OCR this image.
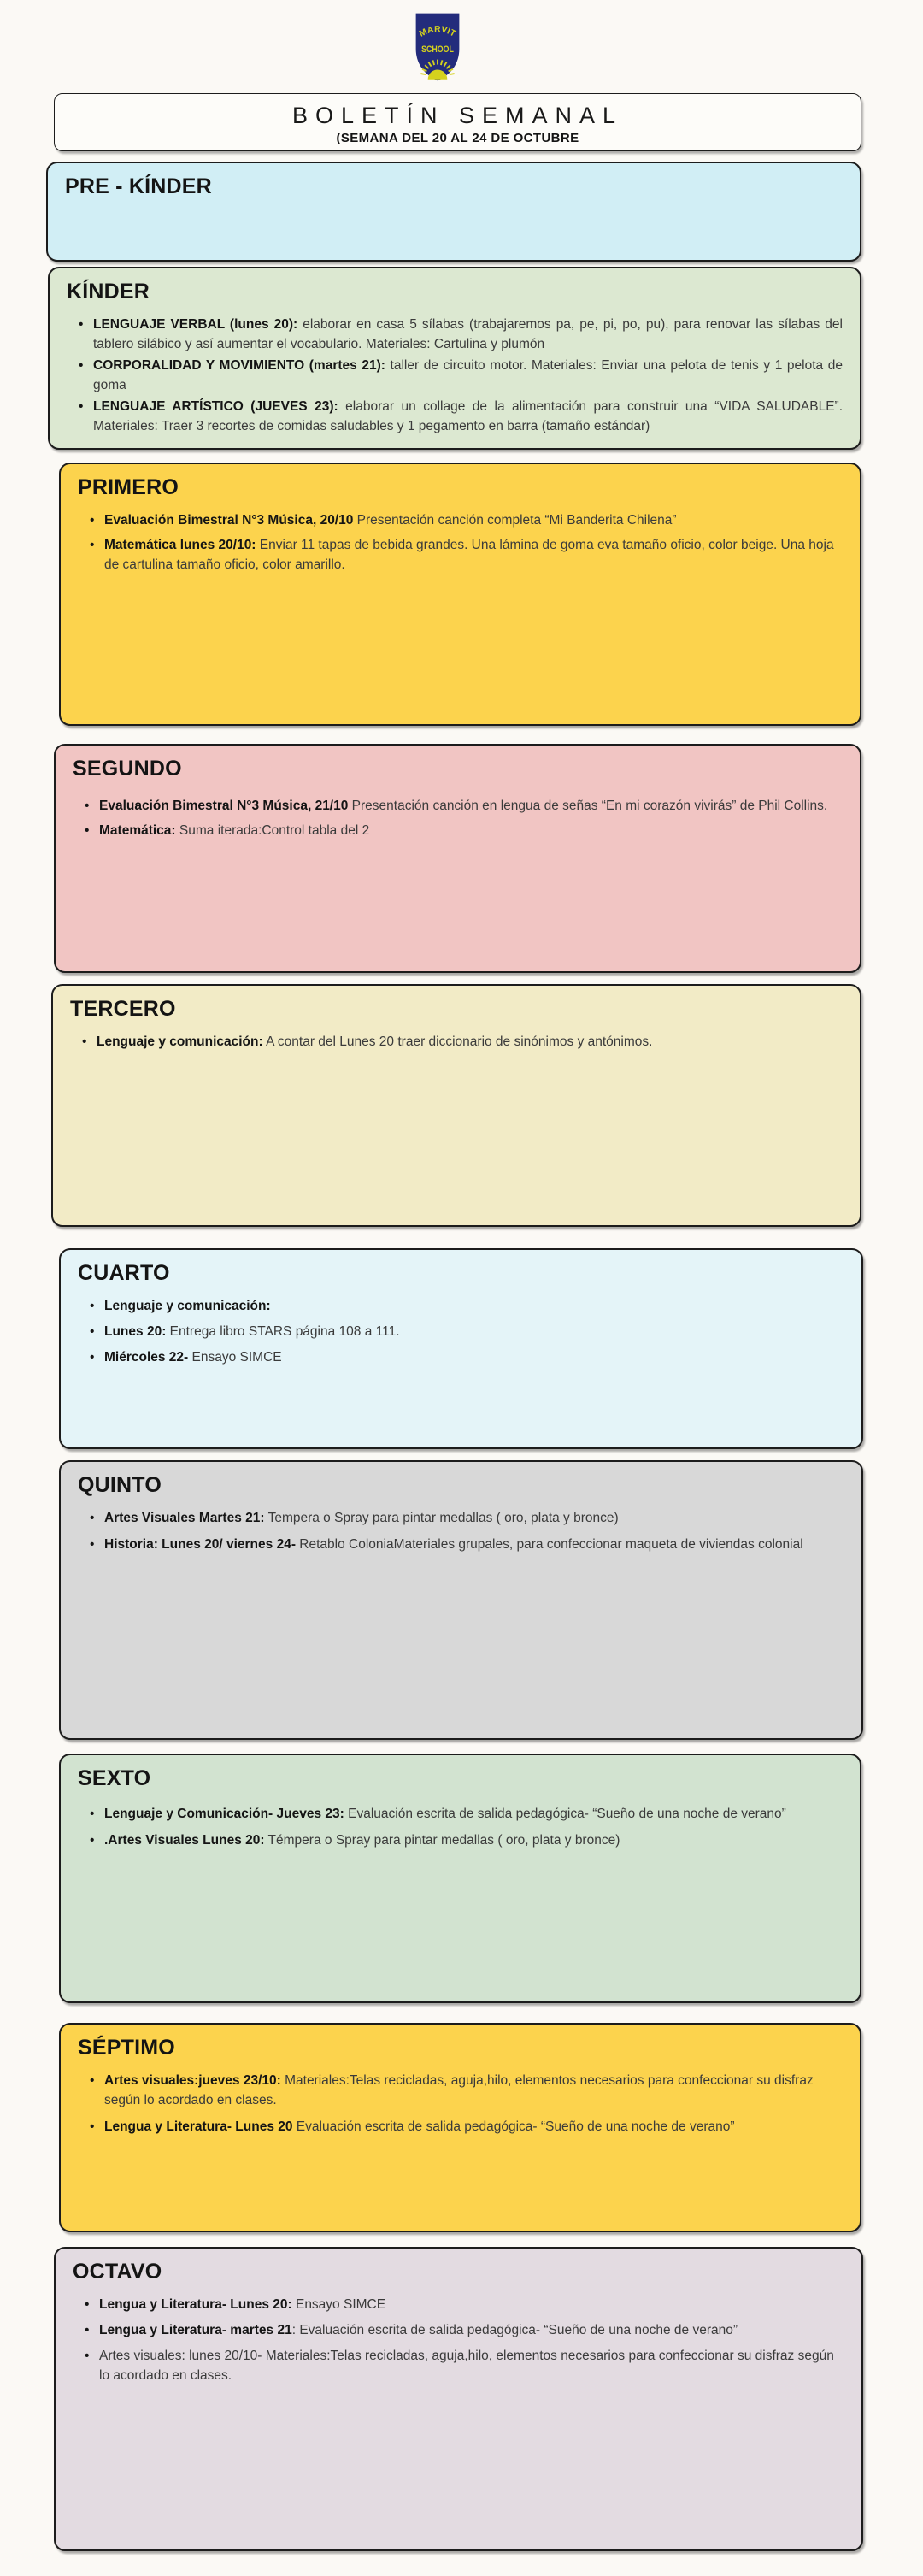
MARVIT
SCHOOL
BOLETÍN SEMANAL
(SEMANA DEL 20 AL 24 DE OCTUBRE
PRE - KÍNDER
KÍNDER
• LENGUAJE VERBAL (lunes 20): elaborar en casa 5 sílabas (trabajaremos pa, pe, pi, po, pu), para renovar las sílabas del tablero silábico y así aumentar el vocabulario. Materiales: Cartulina y plumón
• CORPORALIDAD Y MOVIMIENTO (martes 21): taller de circuito motor. Materiales: Enviar una pelota de tenis y 1 pelota de goma
• LENGUAJE ARTÍSTICO (JUEVES 23): elaborar un collage de la alimentación para construir una “VIDA SALUDABLE”. Materiales: Traer 3 recortes de comidas saludables y 1 pegamento en barra (tamaño estándar)
PRIMERO
• Evaluación Bimestral N°3 Música, 20/10 Presentación canción completa “Mi Banderita Chilena”
• Matemática lunes 20/10: Enviar 11 tapas de bebida grandes. Una lámina de goma eva tamaño oficio, color beige. Una hoja de cartulina tamaño oficio, color amarillo.
SEGUNDO
• Evaluación Bimestral N°3 Música, 21/10 Presentación canción en lengua de señas “En mi corazón vivirás” de Phil Collins.
• Matemática: Suma iterada:Control tabla del 2
TERCERO
• Lenguaje y comunicación: A contar del Lunes 20 traer diccionario de sinónimos y antónimos.
CUARTO
• Lenguaje y comunicación:
• Lunes 20: Entrega libro STARS página 108 a 111.
• Miércoles 22- Ensayo SIMCE
QUINTO
• Artes Visuales Martes 21: Tempera o Spray para pintar medallas ( oro, plata y bronce)
• Historia: Lunes 20/ viernes 24- Retablo ColoniaMateriales grupales, para confeccionar maqueta de viviendas colonial
SEXTO
• Lenguaje y Comunicación- Jueves 23: Evaluación escrita de salida pedagógica- “Sueño de una noche de verano”
• .Artes Visuales Lunes 20: Témpera o Spray para pintar medallas ( oro, plata y bronce)
SÉPTIMO
• Artes visuales:jueves 23/10: Materiales:Telas recicladas, aguja,hilo, elementos necesarios para confeccionar su disfraz según lo acordado en clases.
• Lengua y Literatura- Lunes 20 Evaluación escrita de salida pedagógica- “Sueño de una noche de verano”
OCTAVO
• Lengua y Literatura- Lunes 20: Ensayo SIMCE
• Lengua y Literatura- martes 21: Evaluación escrita de salida pedagógica- “Sueño de una noche de verano”
• Artes visuales: lunes 20/10- Materiales:Telas recicladas, aguja,hilo, elementos necesarios para confeccionar su disfraz según lo acordado en clases.
